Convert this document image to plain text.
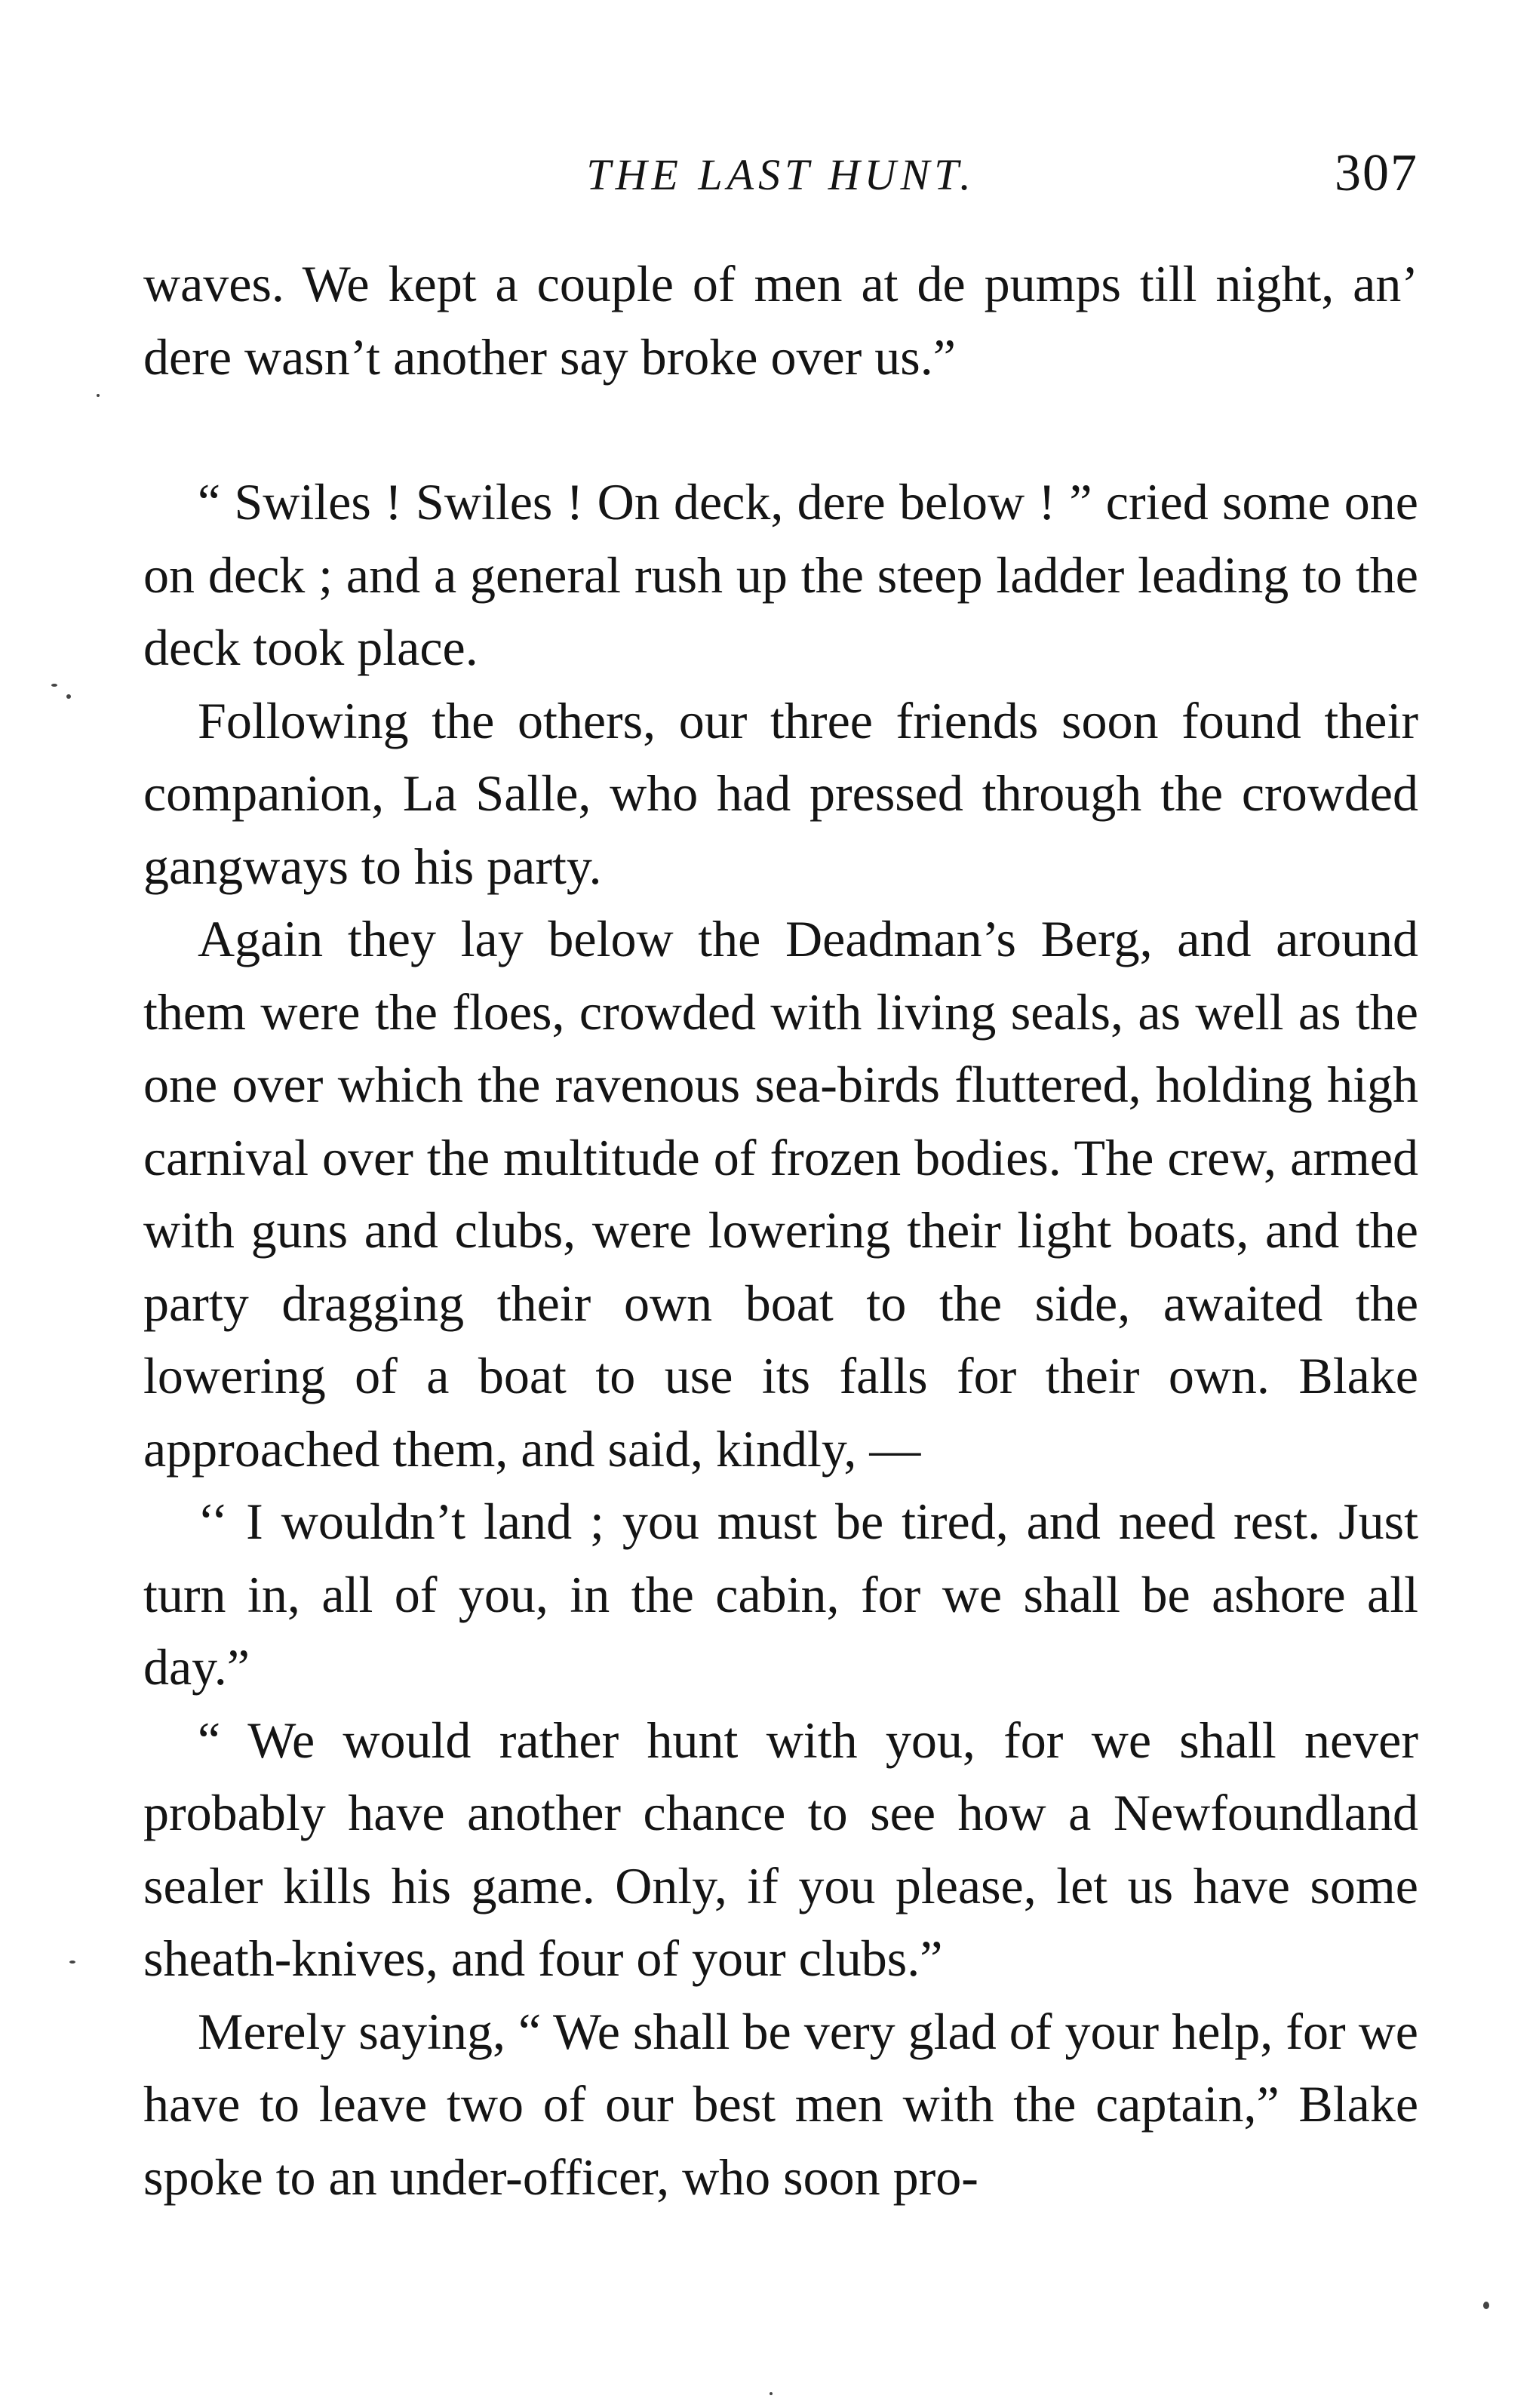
THE LAST HUNT.	307

waves. We kept a couple of men at de pumps till night, an’ dere wasn’t another say broke over us.”

“ Swiles ! Swiles ! On deck, dere below ! ” cried some one on deck ; and a general rush up the steep ladder leading to the deck took place.

Following the others, our three friends soon found their companion, La Salle, who had pressed through the crowded gangways to his party.

Again they lay below the Deadman’s Berg, and around them were the floes, crowded with living seals, as well as the one over which the ravenous sea-birds fluttered, holding high carnival over the multitude of frozen bodies. The crew, armed with guns and clubs, were lowering their light boats, and the party dragging their own boat to the side, awaited the lowering of a boat to use its falls for their own. Blake approached them, and said, kindly, —

‘‘ I wouldn’t land ; you must be tired, and need rest. Just turn in, all of you, in the cabin, for we shall be ashore all day.”

“ We would rather hunt with you, for we shall never probably have another chance to see how a Newfoundland sealer kills his game. Only, if you please, let us have some sheath-knives, and four of your clubs.”

Merely saying, “ We shall be very glad of your help, for we have to leave two of our best men with the captain,” Blake spoke to an under-officer, who soon pro-
